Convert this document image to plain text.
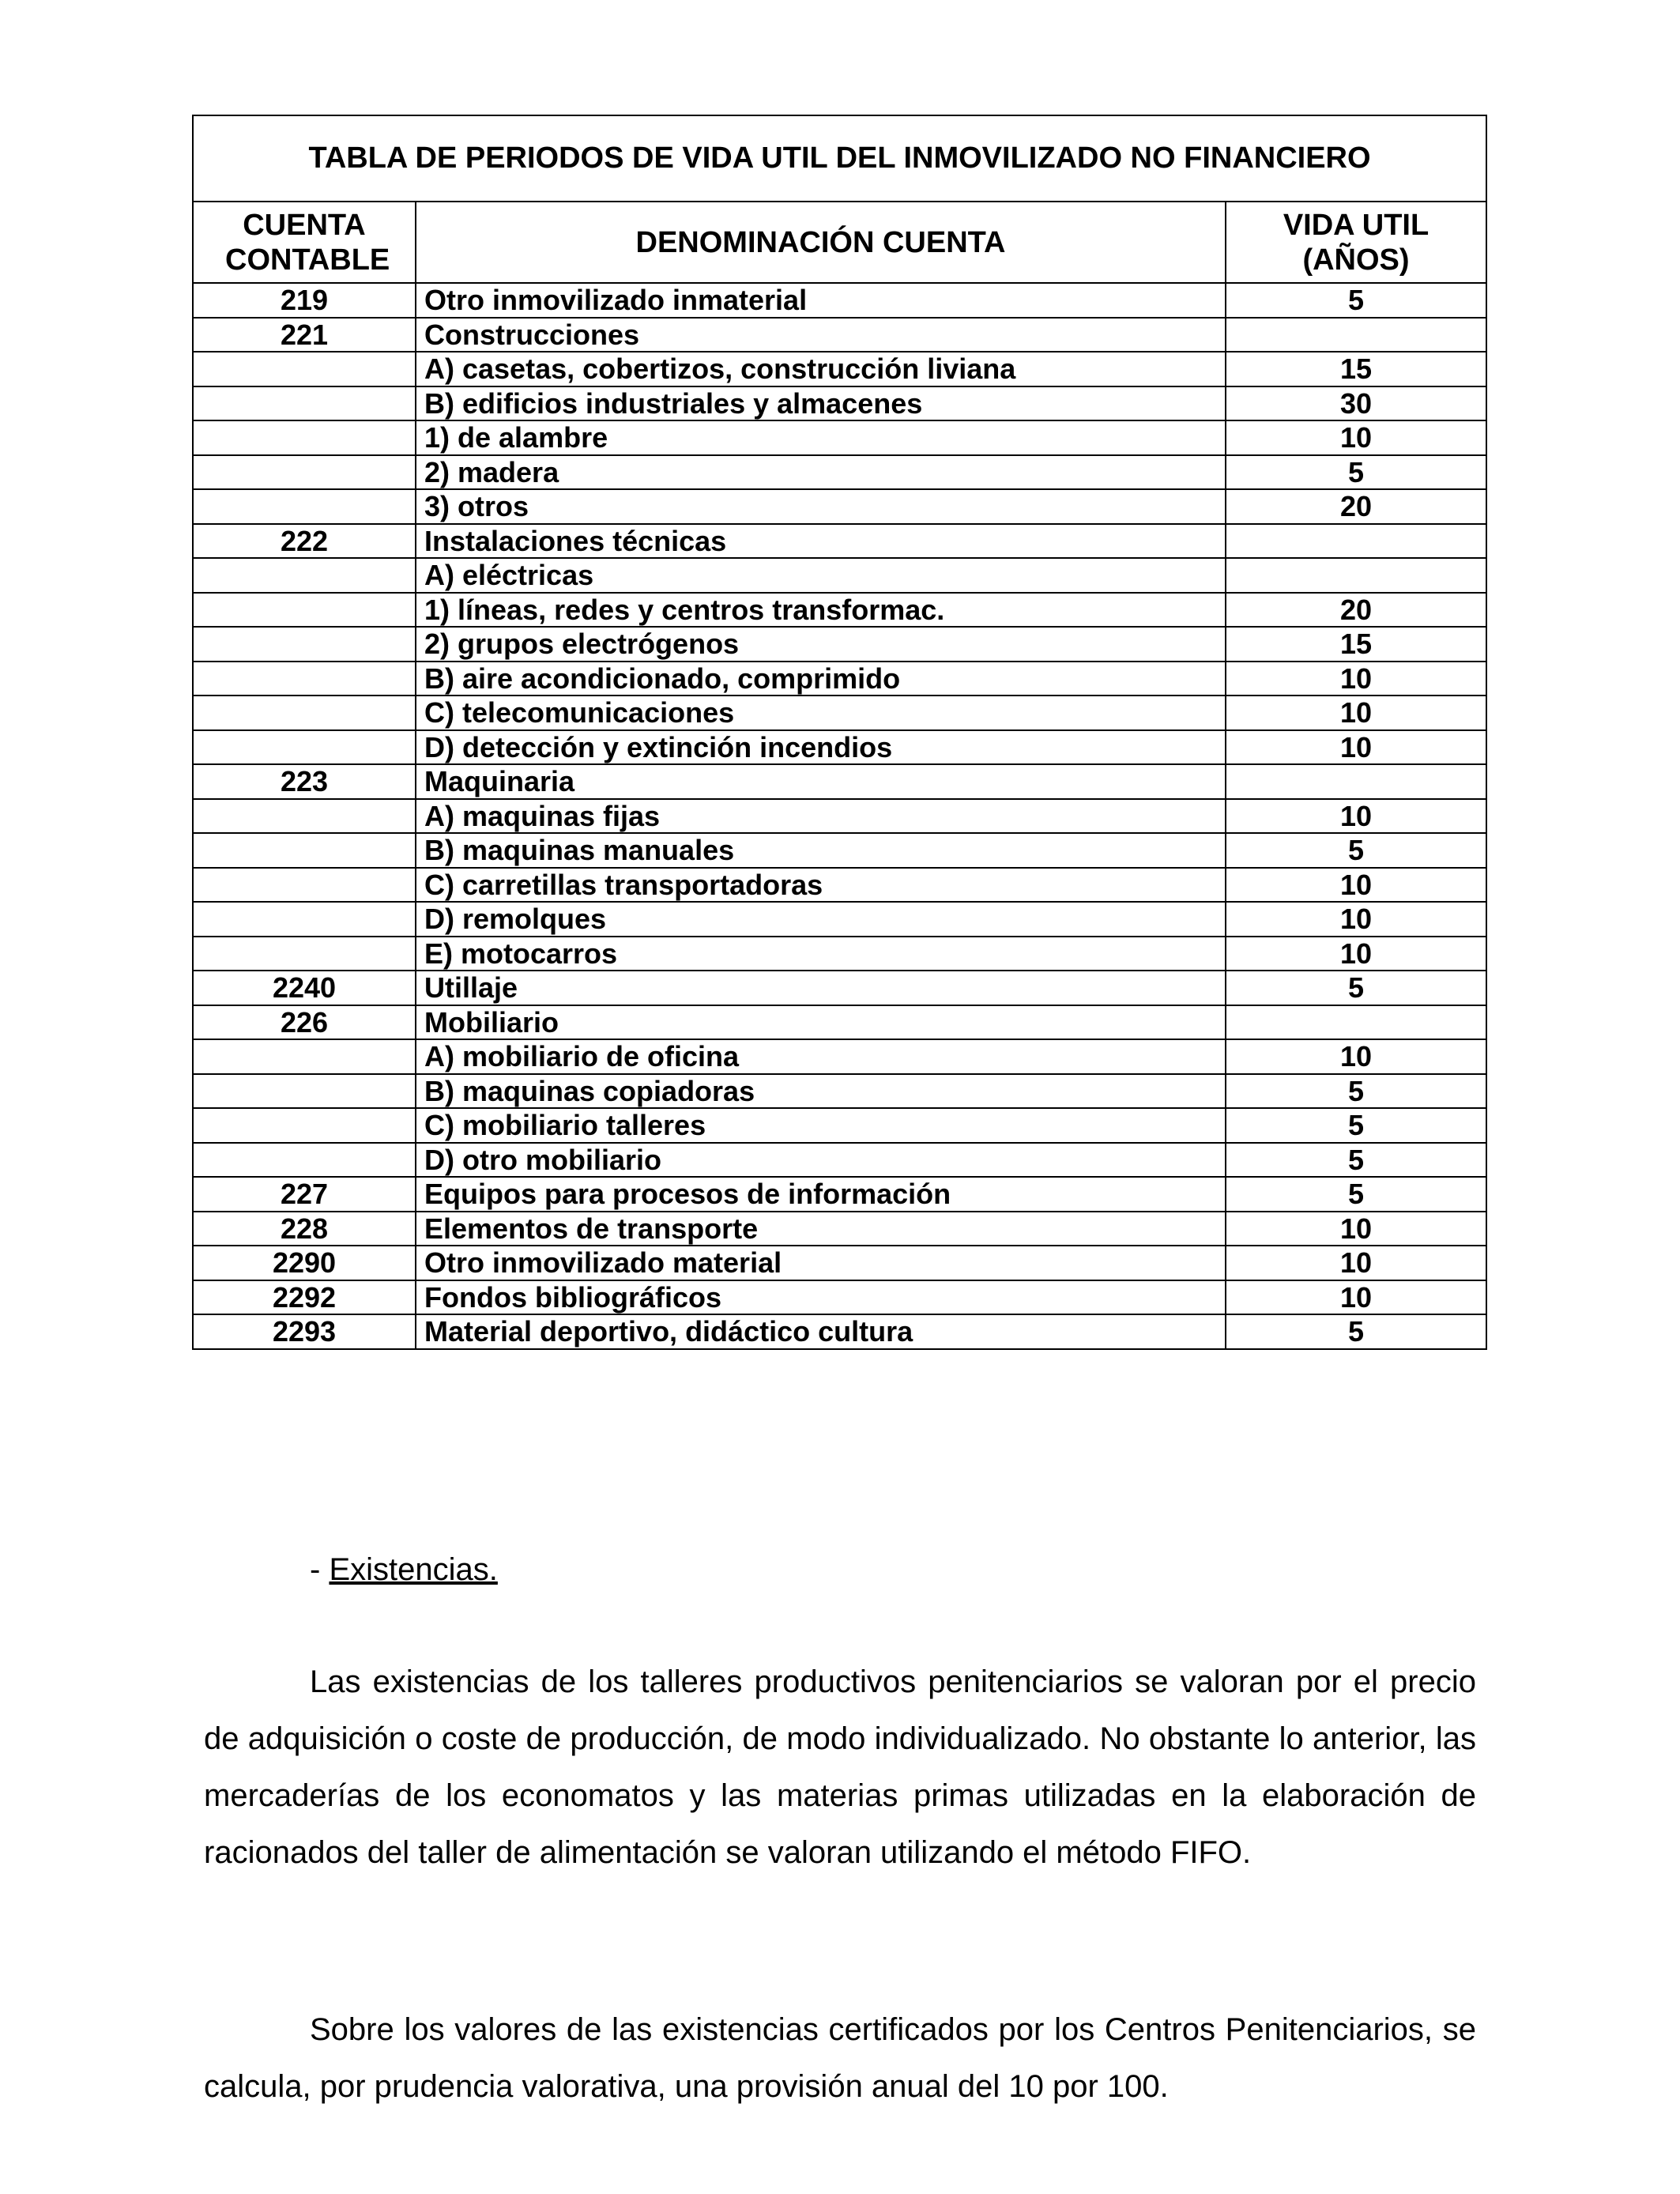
TABLA DE PERIODOS DE VIDA UTIL DEL INMOVILIZADO NO FINANCIERO		
CUENTA CONTABLE	DENOMINACIÓN CUENTA	VIDA UTIL (AÑOS)
219	Otro inmovilizado inmaterial	5
221	Construcciones	
	A) casetas, cobertizos, construcción liviana	15
	B) edificios industriales y almacenes	30
	1) de alambre	10
	2) madera	5
	3) otros	20
222	Instalaciones técnicas	
	A) eléctricas	
	1) líneas, redes y centros transformac.	20
	2) grupos electrógenos	15
	B) aire acondicionado, comprimido	10
	C) telecomunicaciones	10
	D) detección y extinción incendios	10
223	Maquinaria	
	A) maquinas fijas	10
	B) maquinas manuales	5
	C) carretillas transportadoras	10
	D) remolques	10
	E) motocarros	10
2240	Utillaje	5
226	Mobiliario	
	A) mobiliario de oficina	10
	B) maquinas copiadoras	5
	C) mobiliario talleres	5
	D) otro mobiliario	5
227	Equipos para procesos de información	5
228	Elementos de transporte	10
2290	Otro inmovilizado material	10
2292	Fondos bibliográficos	10
2293	Material deportivo, didáctico cultura	5
- Existencias.

Las existencias de los talleres productivos penitenciarios se valoran por el precio de adquisición o coste de producción, de modo individualizado. No obstante lo anterior, las mercaderías de los economatos y las materias primas utilizadas en la elaboración de racionados del taller de alimentación se valoran utilizando el método FIFO.

Sobre los valores de las existencias certificados por los Centros Penitenciarios, se calcula, por prudencia valorativa, una provisión anual del 10 por 100.
